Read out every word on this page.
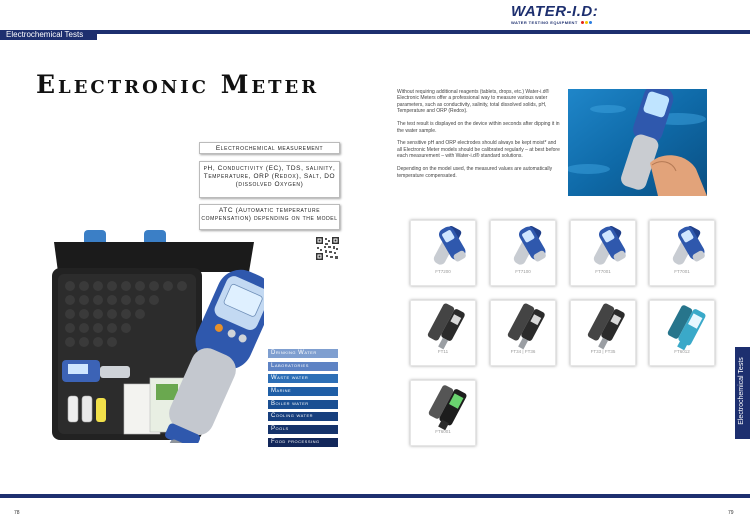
WATER-I.D:
WATER TESTING EQUIPMENT
Electrochemical Tests
Electronic Meter
Electrochemical measurement
pH, Conductivity (EC), TDS, salinity, Temperature, ORP (Redox), Salt, DO (dissolved Oxygen)
ATC (Automatic temperature compensation) depending on the model
Drinking Water
Laboratories
Waste water
Marine
Boiler water
Cooling water
Pools
Food processing

Without requiring additional reagents (tablets, drops, etc.) Water-i.d® Electronic Meters offer a professional way to measure various water parameters, such as conductivity, salinity, total dissolved solids, pH, Temperature and ORP (Redox).

The test result is displayed on the device within seconds after dipping it in the water sample.

The sensitive pH and ORP electrodes should always be kept moist* and all Electronic Meter models should be calibrated regularly – at best before each measurement – with Water-i.d® standard solutions.

Depending on the model used, the measured values are automatically temperature compensated.

FT7200	FT7100	FT7001	FT7001
FT11	FT34 | FT36	FT33 | FT35	FT6012
FT6001
Electrochemical Tests
78	79
